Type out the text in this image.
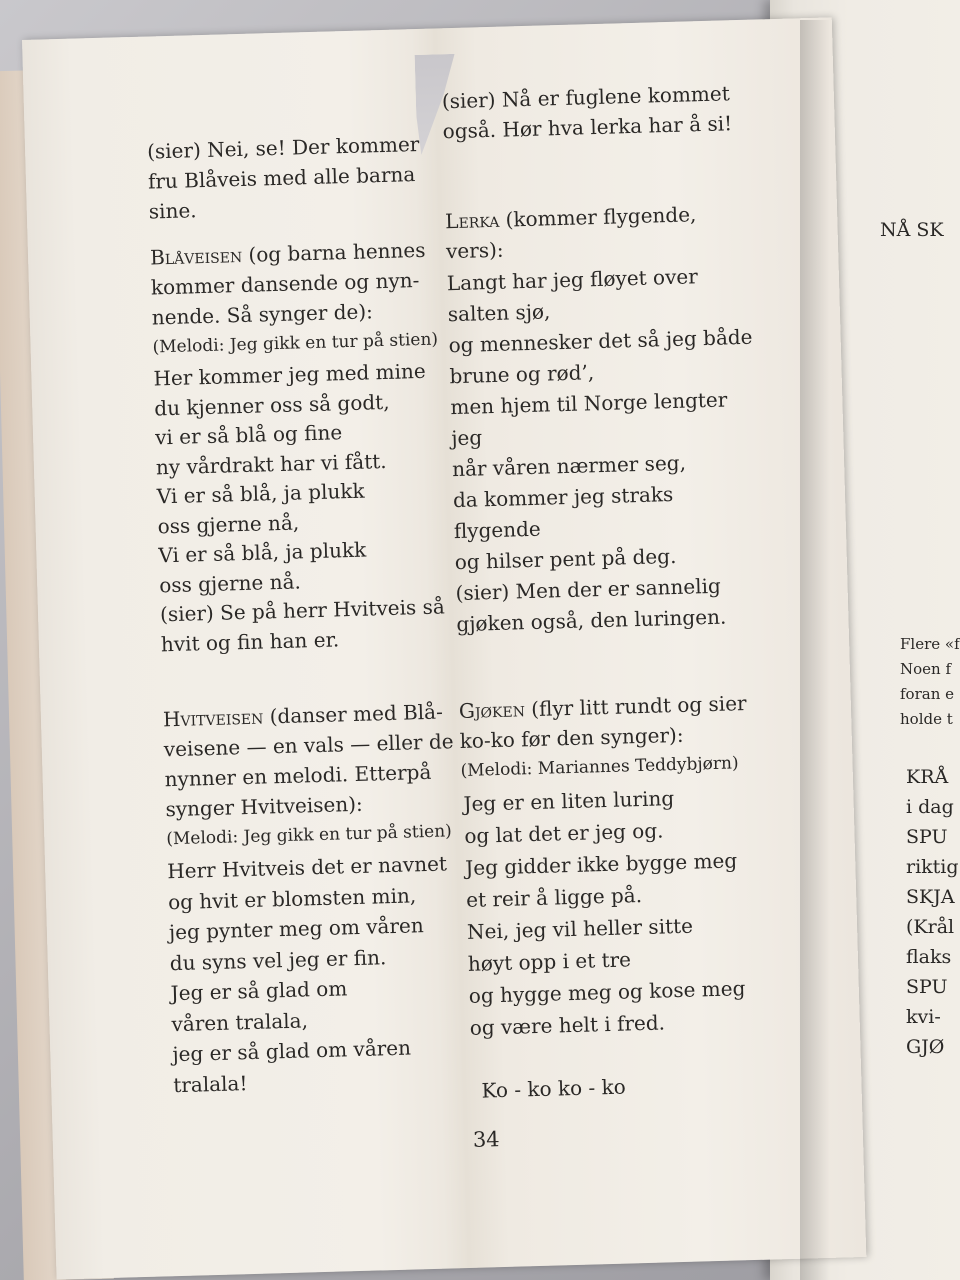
NÅ SK
Flere «f
Noen f
foran e
holde t
KRÅ
i dag
SPU
riktig
SKJA
(Krål
flaks
SPU
kvi-
GJØ
(sier) Nei, se! Der kommer
fru Blåveis med alle barna
sine.
Blåveisen (og barna hennes
kommer dansende og nyn-
nende. Så synger de):
(Melodi: Jeg gikk en tur på stien)
Her kommer jeg med mine
du kjenner oss så godt,
vi er så blå og fine
ny vårdrakt har vi fått.
Vi er så blå, ja plukk
oss gjerne nå,
Vi er så blå, ja plukk
oss gjerne nå.
(sier) Se på herr Hvitveis så
hvit og fin han er.
Hvitveisen (danser med Blå-
veisene — en vals — eller de
nynner en melodi. Etterpå
synger Hvitveisen):
(Melodi: Jeg gikk en tur på stien)
Herr Hvitveis det er navnet
og hvit er blomsten min,
jeg pynter meg om våren
du syns vel jeg er fin.
Jeg er så glad om
våren tralala,
jeg er så glad om våren
tralala!
(sier) Nå er fuglene kommet
også. Hør hva lerka har å si!
Lerka (kommer flygende,
vers):
Langt har jeg fløyet over
salten sjø,
og mennesker det så jeg både
brune og rød’,
men hjem til Norge lengter
jeg
når våren nærmer seg,
da kommer jeg straks
flygende
og hilser pent på deg.
(sier) Men der er sannelig
gjøken også, den luringen.
Gjøken (flyr litt rundt og sier
ko-ko før den synger):
(Melodi: Mariannes Teddybjørn)
Jeg er en liten luring
og lat det er jeg og.
Jeg gidder ikke bygge meg
et reir å ligge på.
Nei, jeg vil heller sitte
høyt opp i et tre
og hygge meg og kose meg
og være helt i fred.
Ko - ko ko - ko
34
